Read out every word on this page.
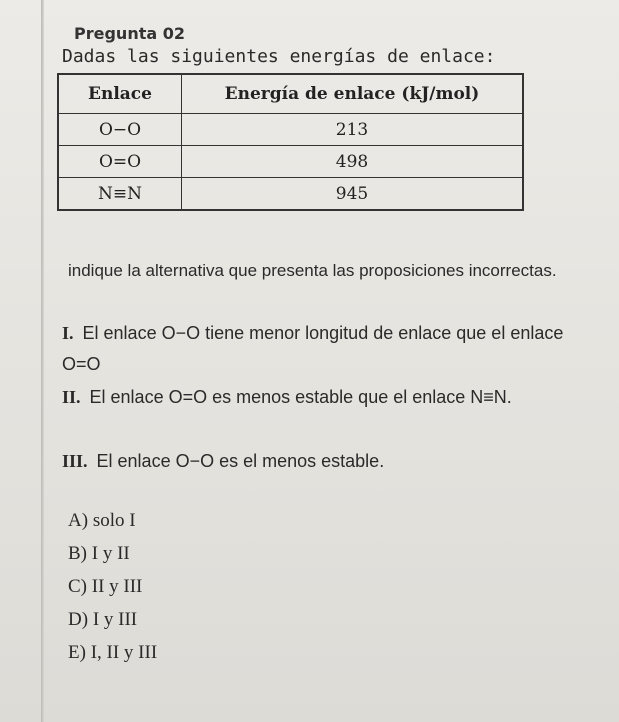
Pregunta 02
Dadas las siguientes energías de enlace:
Enlace	Energía de enlace (kJ/mol)
O−O	213
O=O	498
N≡N	945
indique la alternativa que presenta las proposiciones incorrectas.
I. El enlace O−O tiene menor longitud de enlace que el enlace O=O
II. El enlace O=O es menos estable que el enlace N≡N.
III. El enlace O−O es el menos estable.
A) solo I
B) I y II
C) II y III
D) I y III
E) I, II y III
